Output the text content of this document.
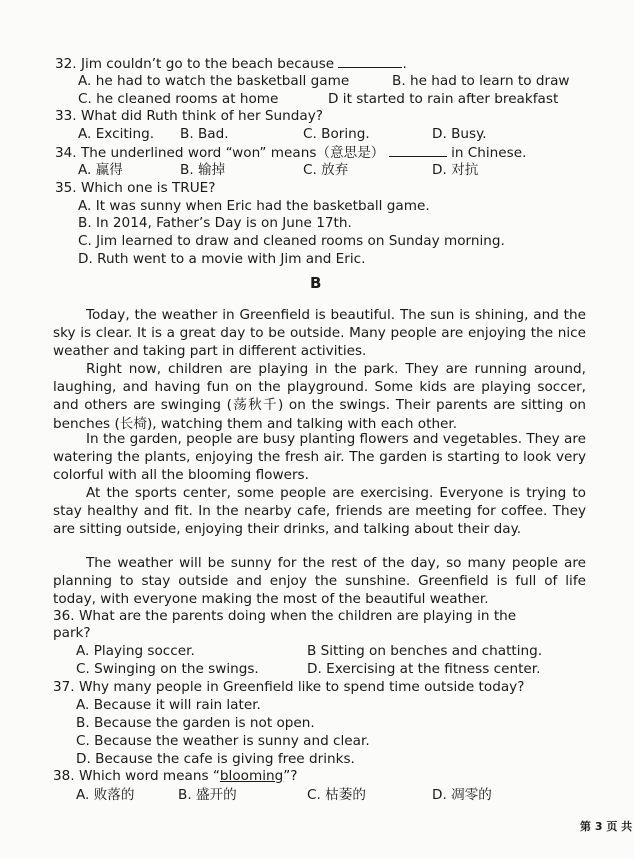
32. Jim couldn’t go to the beach because	.
A. he had to watch the basketball game	B. he had to learn to draw
C. he cleaned rooms at home	D it started to rain after breakfast
33. What did Ruth think of her Sunday?
A. Exciting. B. Bad.	C. Boring.	D. Busy.
34. The underlined word “won” means（意思是）	in Chinese.
A. 赢得	B. 输掉	C. 放弃	D. 对抗
35. Which one is TRUE?
A. It was sunny when Eric had the basketball game.
B. In 2014, Father’s Day is on June 17th.
C. Jim learned to draw and cleaned rooms on Sunday morning.
D. Ruth went to a movie with Jim and Eric.
B
Today, the weather in Greenfield is beautiful. The sun is shining, and the sky is clear. It is a great day to be outside. Many people are enjoying the nice weather and taking part in different activities.
Right now, children are playing in the park. They are running around, laughing, and having fun on the playground. Some kids are playing soccer, and others are swinging (荡秋千) on the swings. Their parents are sitting on benches (长椅), watching them and talking with each other.
In the garden, people are busy planting flowers and vegetables. They are watering the plants, enjoying the fresh air. The garden is starting to look very colorful with all the blooming flowers.
At the sports center, some people are exercising. Everyone is trying to stay healthy and fit. In the nearby cafe, friends are meeting for coffee. They are sitting outside, enjoying their drinks, and talking about their day.
The weather will be sunny for the rest of the day, so many people are planning to stay outside and enjoy the sunshine. Greenfield is full of life today, with everyone making the most of the beautiful weather.
36. What are the parents doing when the children are playing in the
park?
A. Playing soccer.	B Sitting on benches and chatting.
C. Swinging on the swings.	D. Exercising at the fitness center.
37. Why many people in Greenfield like to spend time outside today?
A. Because it will rain later.
B. Because the garden is not open.
C. Because the weather is sunny and clear.
D. Because the cafe is giving free drinks.
38. Which word means “blooming”?
A. 败落的	B. 盛开的	C. 枯萎的	D. 凋零的
第 3 页 共
